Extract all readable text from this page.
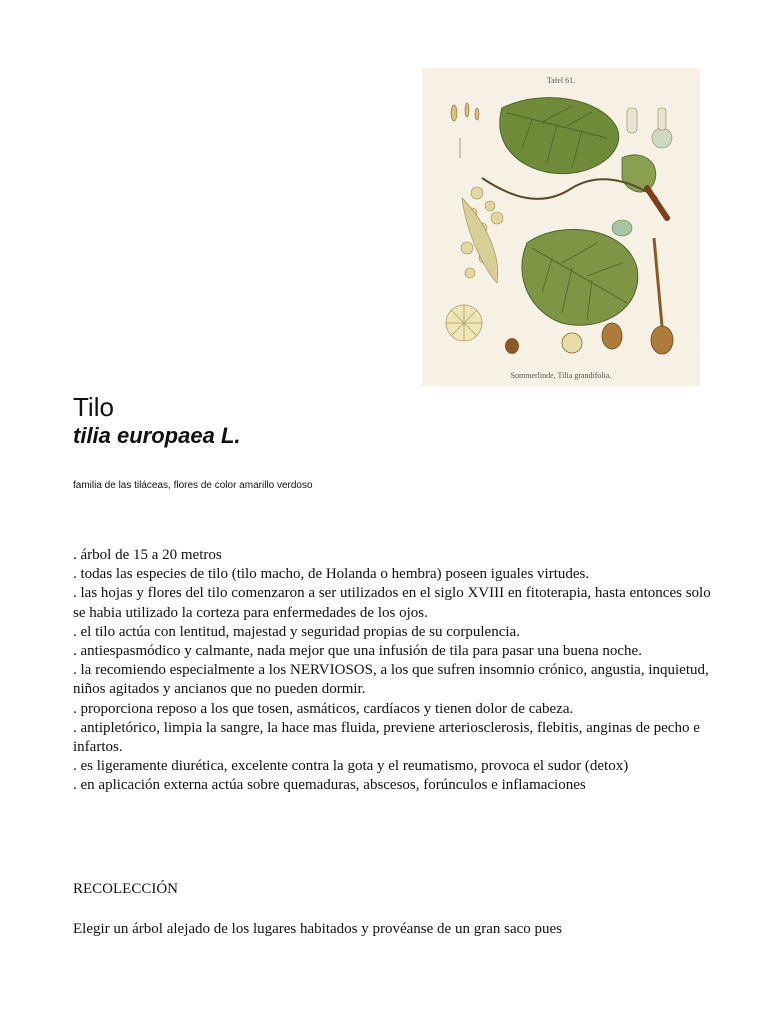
Tafel 61.
Sommerlinde, Tilia grandifolia.
Tilo
tilia europaea L.
familia de las tiláceas, flores de color amarillo verdoso
. árbol de 15 a 20 metros
. todas las especies de tilo (tilo macho, de Holanda o hembra) poseen iguales virtudes.
. las hojas y flores del tilo comenzaron a ser utilizados en el siglo XVIII en fitoterapia, hasta entonces solo se habia utilizado la corteza para enfermedades de los ojos.
. el tilo actúa con lentitud, majestad y seguridad propias de su corpulencia.
. antiespasmódico y calmante, nada mejor que una infusión de tila para pasar una buena noche.
. la recomiendo especialmente a los NERVIOSOS, a los que sufren insomnio crónico, angustia, inquietud, niños agitados y ancianos que no pueden dormir.
. proporciona reposo a los que tosen, asmáticos, cardíacos y tienen dolor de cabeza.
. antipletórico, limpia la sangre, la hace mas fluida, previene arteriosclerosis, flebitis, anginas de pecho e infartos.
. es ligeramente diurética, excelente contra la gota y el reumatismo, provoca el sudor (detox)
. en aplicación externa actúa sobre quemaduras, abscesos, forúnculos e inflamaciones
RECOLECCIÓN

Elegir un árbol alejado de los lugares habitados y provéanse de un gran saco pues
